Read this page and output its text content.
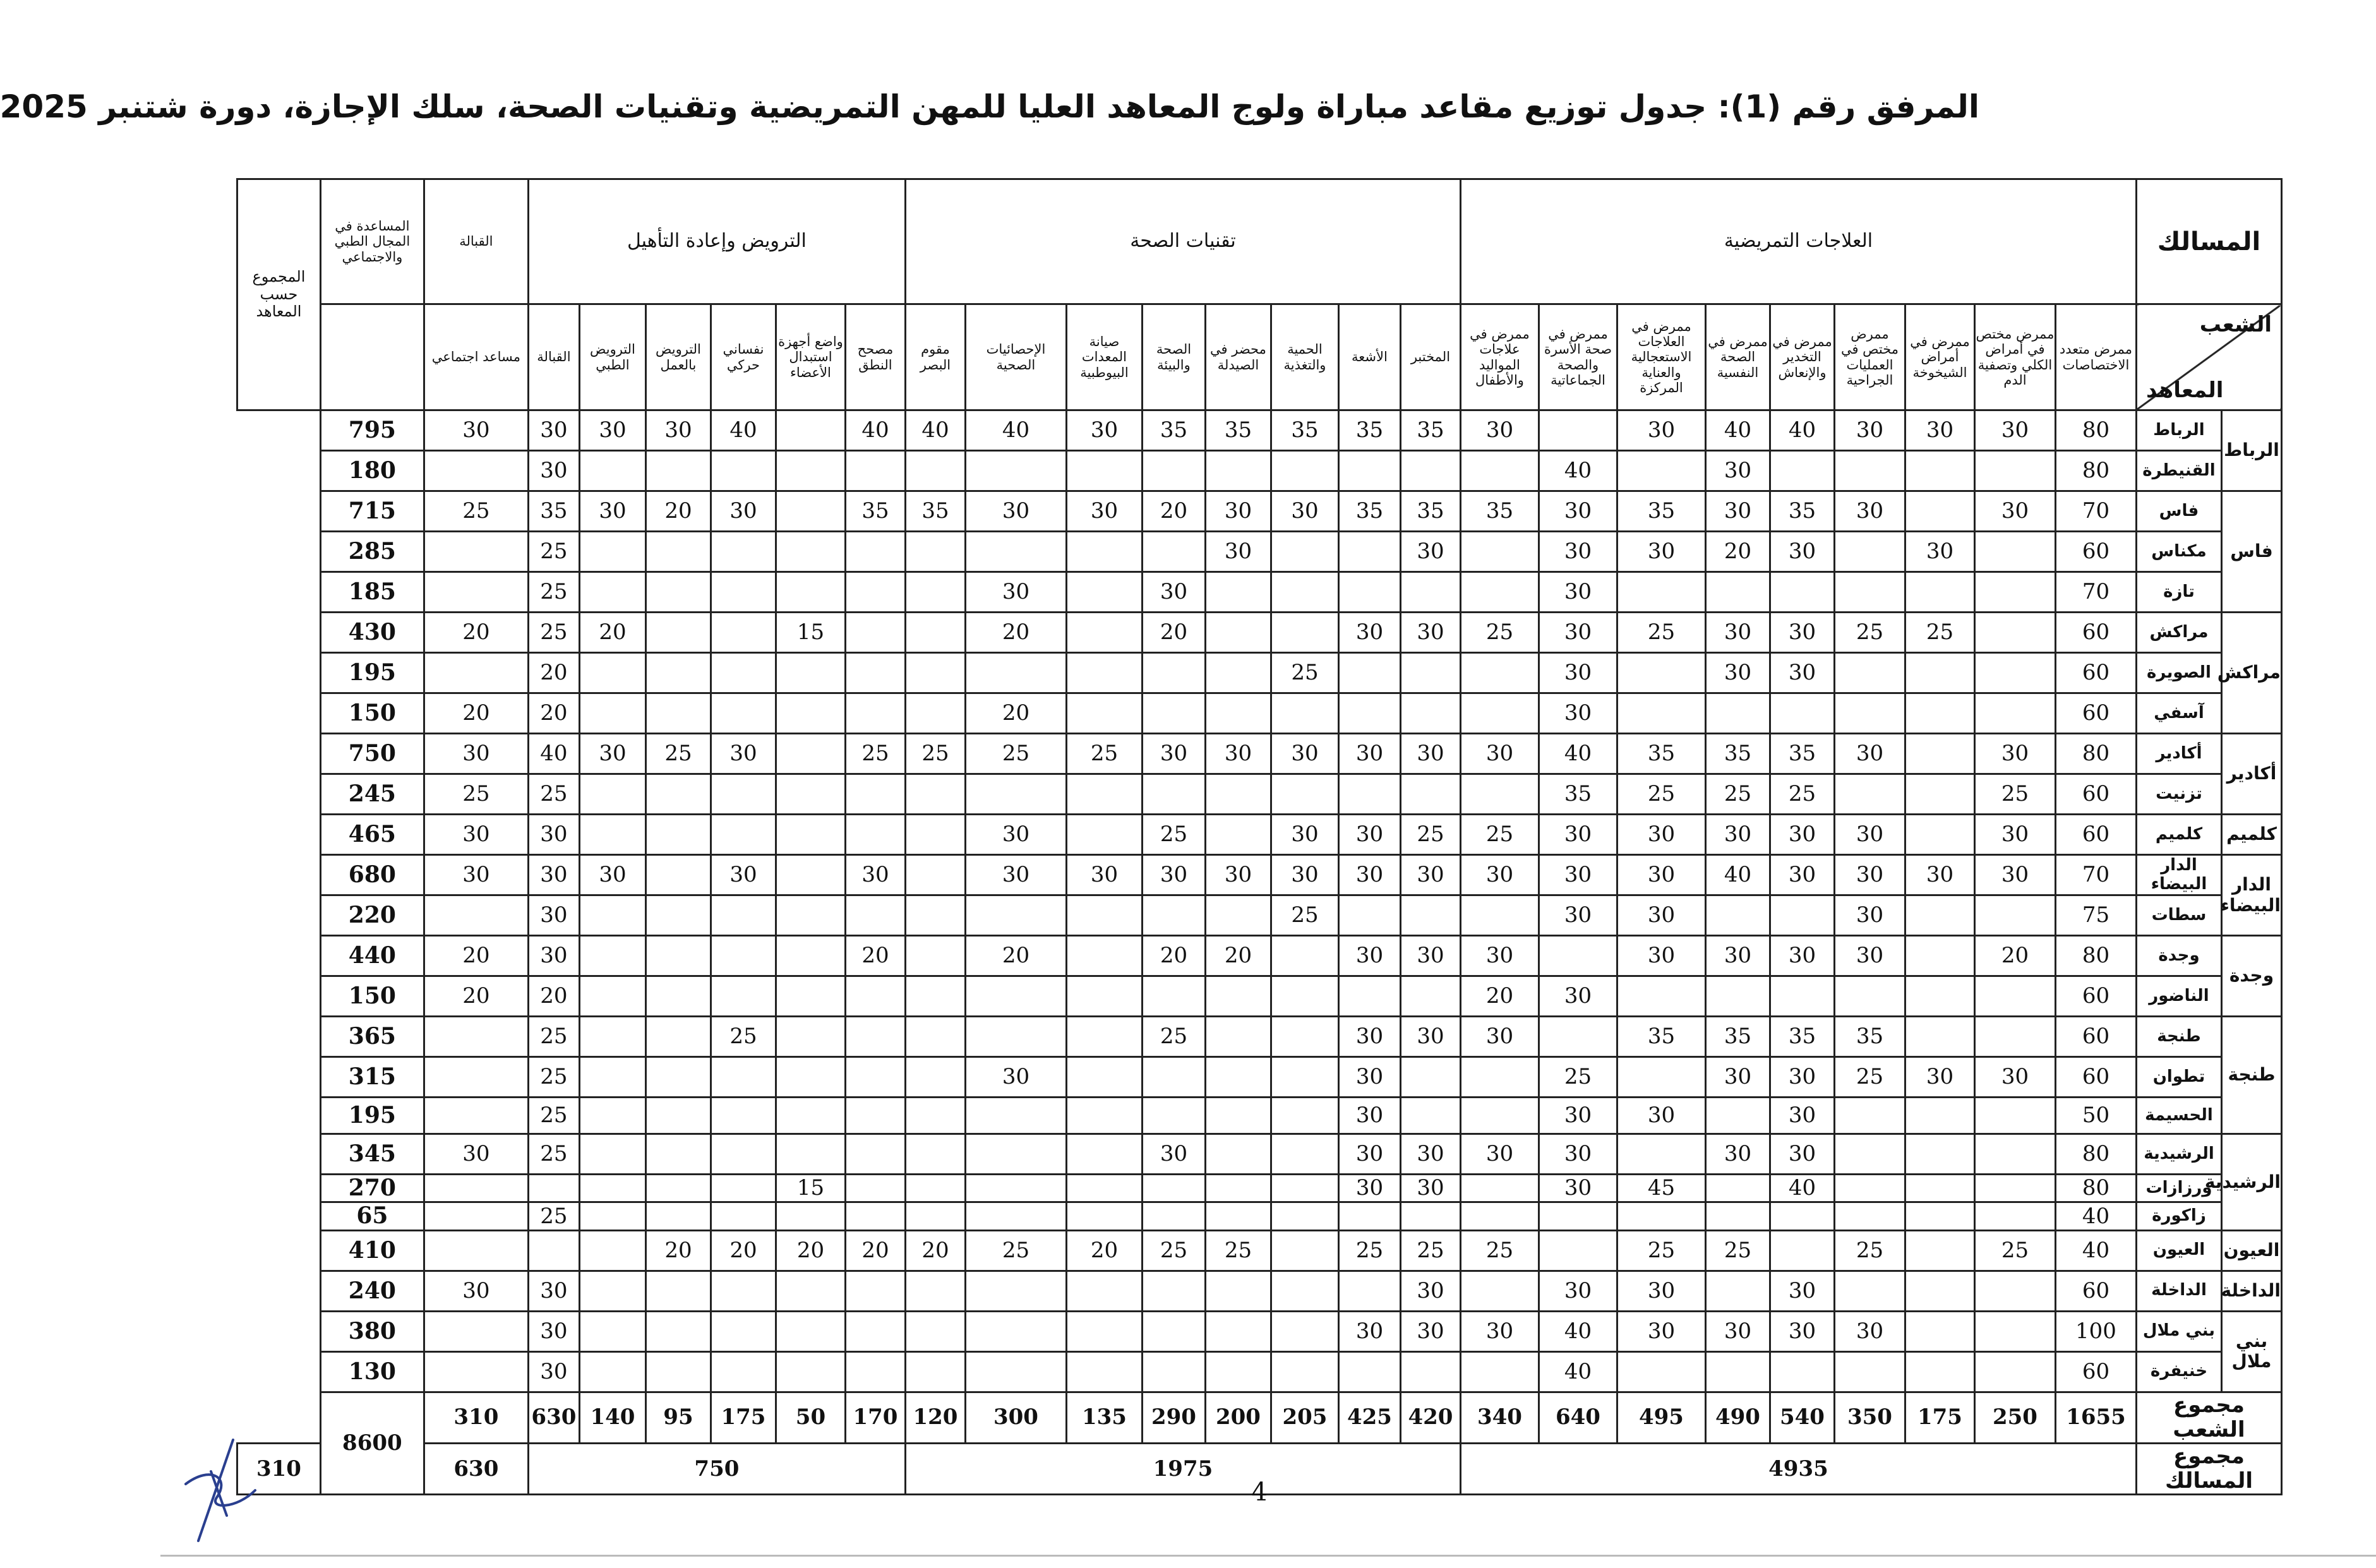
المرفق رقم (1): جدول توزيع مقاعد مباراة ولوج المعاهد العليا للمهن التمريضية وتقنيات الصحة، سلك الإجازة، دورة شتنبر 2025
المسالك		العلاجات التمريضية									تقنيات الصحة								الترويض وإعادة التأهيل						القبالة	المساعدة في المجال الطبي والاجتماعي	المجموع حسب المعاهد

الشعب
المعاهد		ممرض متعدد الاختصاصات	ممرض مختص في أمراض الكلي وتصفية الدم	ممرض في أمراض الشيخوخة	ممرض مختص في العمليات الجراحية	ممرض في التخدير والإنعاش	ممرض في الصحة النفسية	ممرض في العلاجات الاستعجالية والعناية المركزة	ممرض في صحة الأسرة والصحة الجماعاتية	ممرض في علاجات المواليد والأطفال	المختبر	الأشعة	الحمية والتغذية	محضر في الصيدلة	الصحة والبيئة	صيانة المعدات البيوطبية	الإحصائيات الصحية	مقوم البصر	مصحح النطق	واضع أجهزة استبدال الأعضاء	نفساني حركي	الترويض بالعمل	الترويض الطبي	القبالة	مساعد اجتماعي		
الرباط	الرباط	80	30	30	30	40	40	30		30	35	35	35	35	35	30	40	40	40		40	30	30	30	30	795	
	القنيطرة	80					30		40															30		180	
فاس	فاس	70	30		30	35	30	35	30	35	35	35	30	30	20	30	30	35	35		30	20	30	35	25	715	
	مكناس	60		30		30	20	30	30		30			30										25		285	
	تازة	70							30						30		30							25		185	
مراكش	مراكش	60		25	25	30	30	25	30	25	30	30			20		20			15			20	25	20	430	
	الصويرة	60				30	30		30				25											20		195	
	آسفي	60							30								20							20	20	150	
أكادير	أكادير	80	30		30	35	35	35	40	30	30	30	30	30	30	25	25	25	25		30	25	30	40	30	750	
	تزنيت	60	25			25	25	25	35															25	25	245	
كلميم	كلميم	60	30		30	30	30	30	30	25	25	30	30		25		30							30	30	465	
الدار البيضاء	الدار البيضاء	70	30	30	30	30	40	30	30	30	30	30	30	30	30	30	30		30		30		30	30	30	680	
	سطات	75			30			30	30				25											30		220	
وجدة	وجدة	80	20		30	30	30	30		30	30	30		20	20		20		20					30	20	440	
	الناضور	60							30	20														20	20	150	
طنجة	طنجة	60			35	35	35	35		30	30	30			25						25			25		365	
	تطوان	60	30	30	25	30	30		25			30					30							25		315	
	الحسيمة	50				30		30	30			30												25		195	
الرشيدية	الرشيدية	80				30	30		30	30	30	30			30									25	30	345	
	ورزازات	80				40		45	30		30	30								15						270	
	زاكورة	40																						25		65	
العيون	العيون	40	25		25		25	25		25	25	25		25	25	20	25	20	20	20	20	20				410	
الداخلة	الداخلة	60				30		30	30		30													30	30	240	
بني ملال	بني ملال	100			30	30	30	30	40	30	30	30												30		380	
	خنيفرة	60							40															30		130	
مجموع الشعب		1655	250	175	350	540	490	495	640	340	420	425	205	200	290	135	300	120	170	50	175	95	140	630	310	8600	
مجموع المسالك		4935									1975								750						630		310
4
